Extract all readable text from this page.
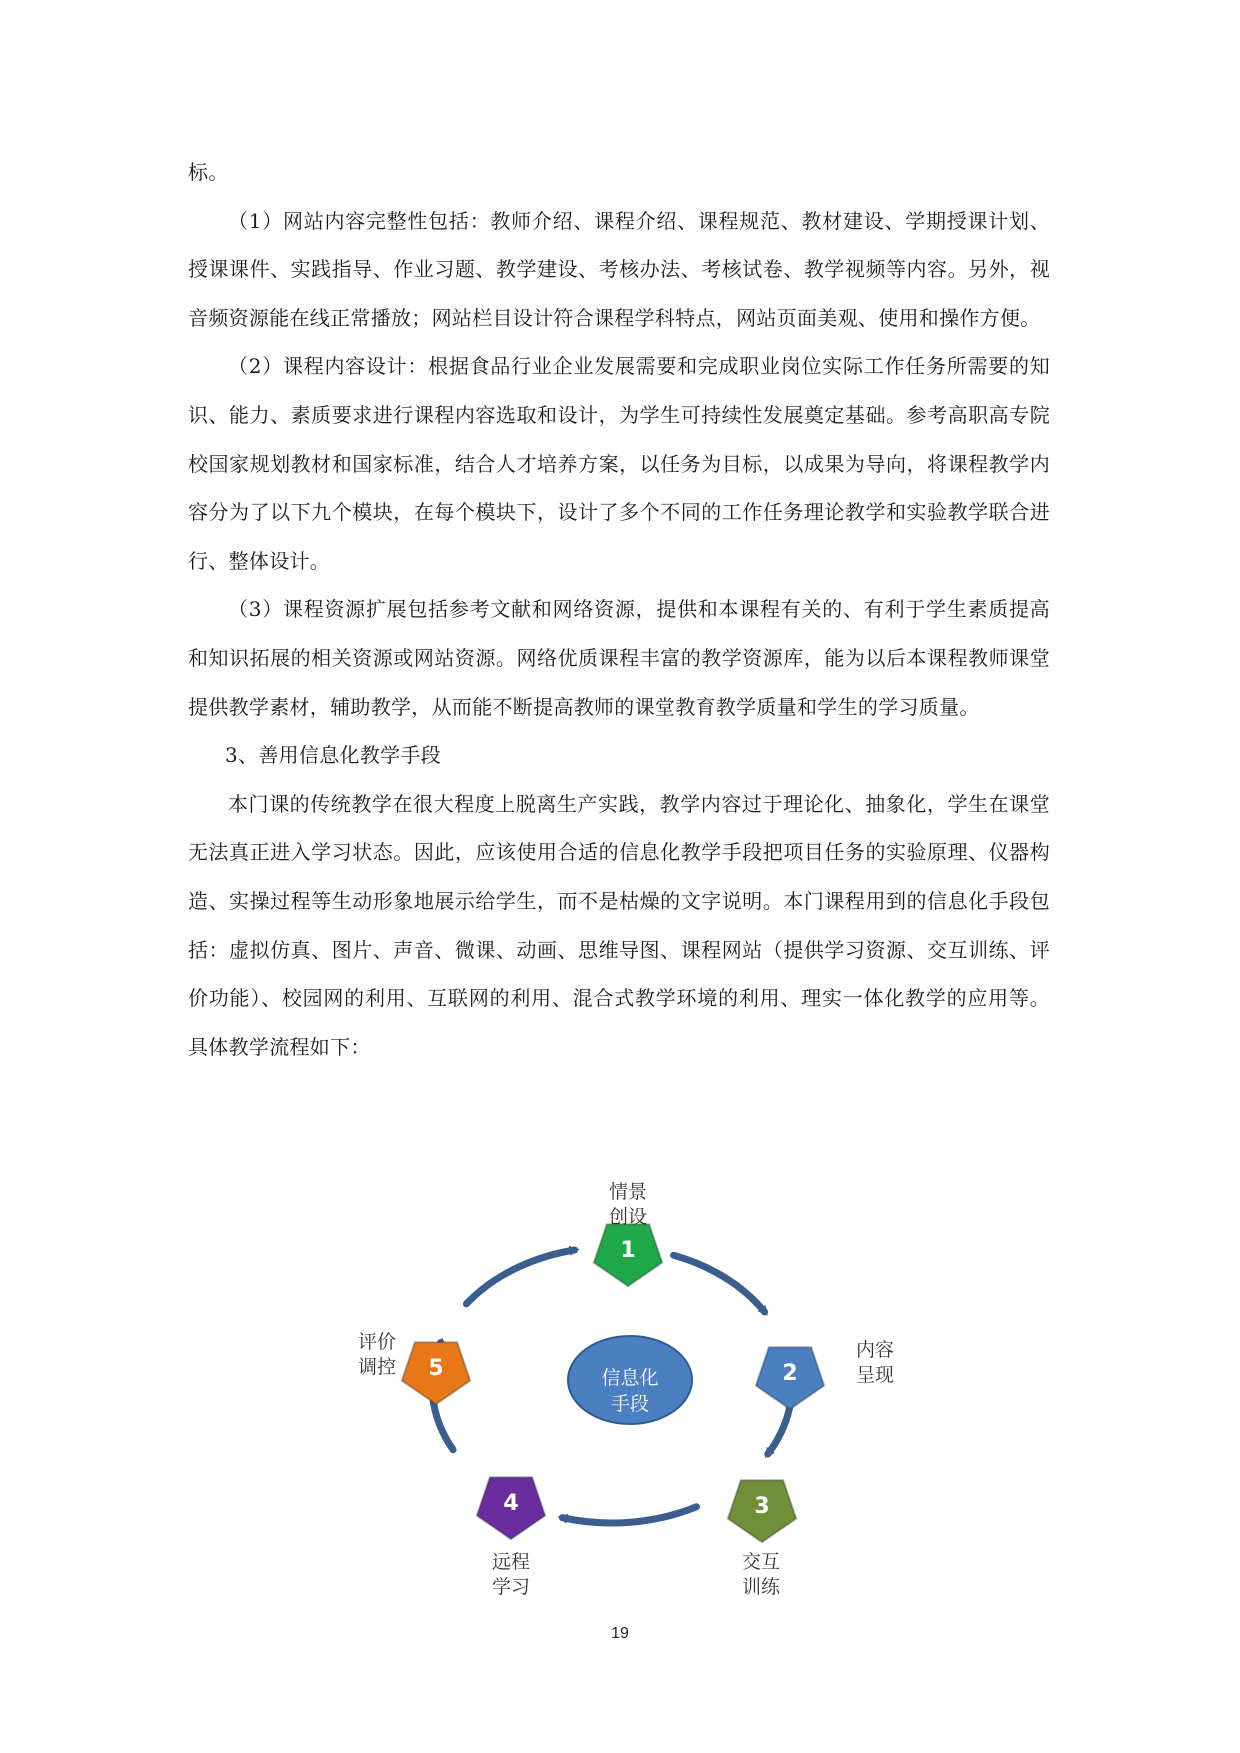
标。

（1）网站内容完整性包括：教师介绍、课程介绍、课程规范、教材建设、学期授课计划、授课课件、实践指导、作业习题、教学建设、考核办法、考核试卷、教学视频等内容。另外，视音频资源能在线正常播放；网站栏目设计符合课程学科特点，网站页面美观、使用和操作方便。

（2）课程内容设计：根据食品行业企业发展需要和完成职业岗位实际工作任务所需要的知识、能力、素质要求进行课程内容选取和设计，为学生可持续性发展奠定基础。参考高职高专院校国家规划教材和国家标准，结合人才培养方案，以任务为目标，以成果为导向，将课程教学内容分为了以下九个模块，在每个模块下，设计了多个不同的工作任务理论教学和实验教学联合进行、整体设计。

（3）课程资源扩展包括参考文献和网络资源，提供和本课程有关的、有利于学生素质提高和知识拓展的相关资源或网站资源。网络优质课程丰富的教学资源库，能为以后本课程教师课堂提供教学素材，辅助教学，从而能不断提高教师的课堂教育教学质量和学生的学习质量。

3、善用信息化教学手段

本门课的传统教学在很大程度上脱离生产实践，教学内容过于理论化、抽象化，学生在课堂无法真正进入学习状态。因此，应该使用合适的信息化教学手段把项目任务的实验原理、仪器构造、实操过程等生动形象地展示给学生，而不是枯燥的文字说明。本门课程用到的信息化手段包括：虚拟仿真、图片、声音、微课、动画、思维导图、课程网站（提供学习资源、交互训练、评价功能）、校园网的利用、互联网的利用、混合式教学环境的利用、理实一体化教学的应用等。具体教学流程如下：

信息化
手段
1
情景
创设
2
内容
呈现
3
交互
训练
4
远程
学习
5
评价
调控
19
